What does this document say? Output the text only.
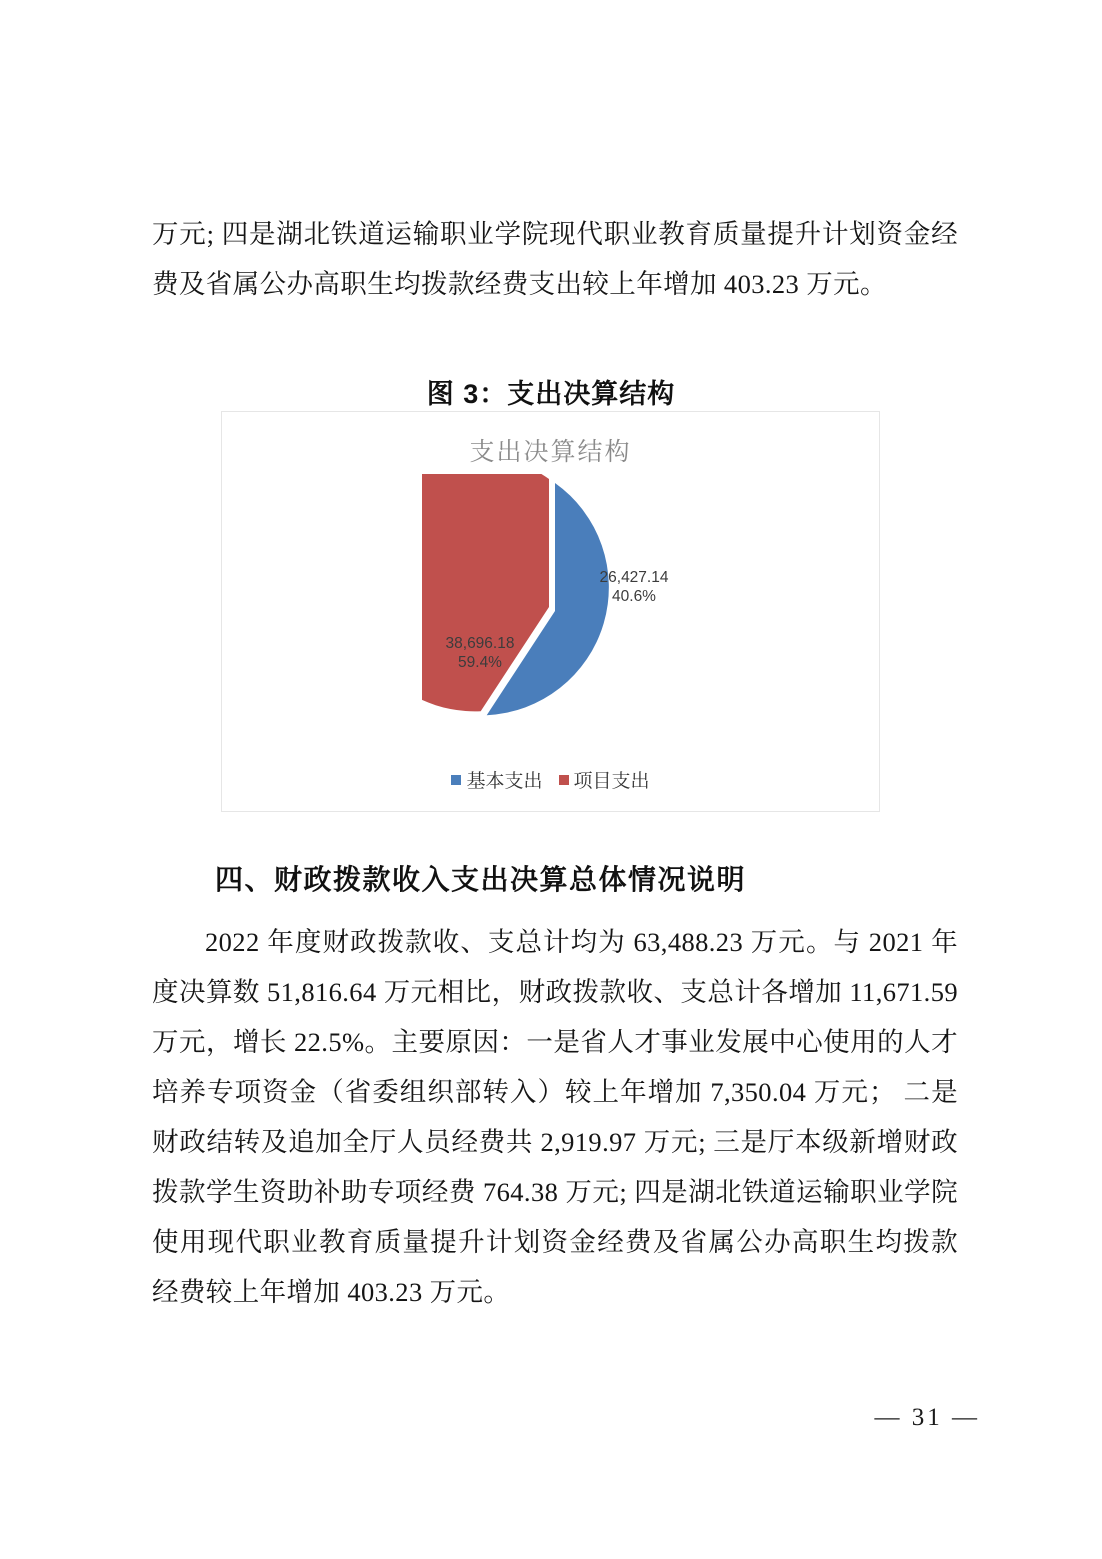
万元; 四是湖北铁道运输职业学院现代职业教育质量提升计划资金经费及省属公办高职生均拨款经费支出较上年增加 403.23 万元。

图 3：支出决算结构
支出决算结构
26,427.14
40.6%
38,696.18
59.4%
基本支出 项目支出
四、财政拨款收入支出决算总体情况说明

2022 年度财政拨款收、支总计均为 63,488.23 万元。与 2021 年度决算数 51,816.64 万元相比，财政拨款收、支总计各增加 11,671.59 万元，增长 22.5%。主要原因：一是省人才事业发展中心使用的人才培养专项资金（省委组织部转入）较上年增加 7,350.04 万元； 二是财政结转及追加全厅人员经费共 2,919.97 万元; 三是厅本级新增财政拨款学生资助补助专项经费 764.38 万元; 四是湖北铁道运输职业学院使用现代职业教育质量提升计划资金经费及省属公办高职生均拨款经费较上年增加 403.23 万元。

— 31 —
